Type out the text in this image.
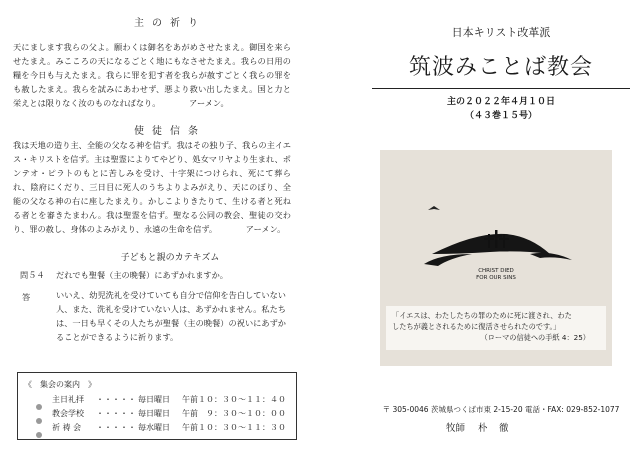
主の祈り
天にまします我らの父よ。願わくは御名をあがめさせたまえ。御国を来らせたまえ。みこころの天になるごとく地にもなさせたまえ。我らの日用の糧を今日も与えたまえ。我らに罪を犯す者を我らが赦すごとく我らの罪をも赦したまえ。我らを試みにあわせず、悪より救い出したまえ。国と力と栄えとは限りなく汝のものなればなり。　　　　アーメン。
使徒信条
我は天地の造り主、全能の父なる神を信ず。我はその独り子、我らの主イエス・キリストを信ず。主は聖霊によりてやどり、処女マリヤより生まれ、ポンテオ・ピラトのもとに苦しみを受け、十字架につけられ、死にて葬られ、陰府にくだり、三日目に死人のうちよりよみがえり、天にのぼり、全能の父なる神の右に座したまえり。かしこよりきたりて、生ける者と死ねる者とを審きたまわん。我は聖霊を信ず。聖なる公同の教会、聖徒の交わり、罪の赦し、身体のよみがえり、永遠の生命を信ず。　　　　アーメン。
子どもと親のカテキズム
問５４ だれでも聖餐（主の晩餐）にあずかれますか。
答	いいえ、幼児洗礼を受けていても自分で信仰を告白していない人、また、洗礼を受けていない人は、あずかれません。私たちは、一日も早くその人たちが聖餐（主の晩餐）の祝いにあずかることができるように祈ります。
《　集会の案内　》
主日礼拝 ・・・・・ 毎日曜日 午前１０：３０～１１：４０
教会学校 ・・・・・ 毎日曜日 午前　９：３０～１０：００
祈 祷 会 ・・・・・ 毎水曜日 午前１０：３０～１１：３０
日本キリスト改革派
筑波みことば教会
主の２０２２年４月１０日
（４３巻１５号）
CHRIST DIED
FOR OUR SINS
「イエスは、わたしたちの罪のために死に渡され、わた
したちが義とされるために復活させられたのです。」
（ローマの信徒への手紙 4：25）
〒 305-0046 茨城県つくば市東 2-15-20 電話・FAX: 029-852-1077
牧師 朴　徹
